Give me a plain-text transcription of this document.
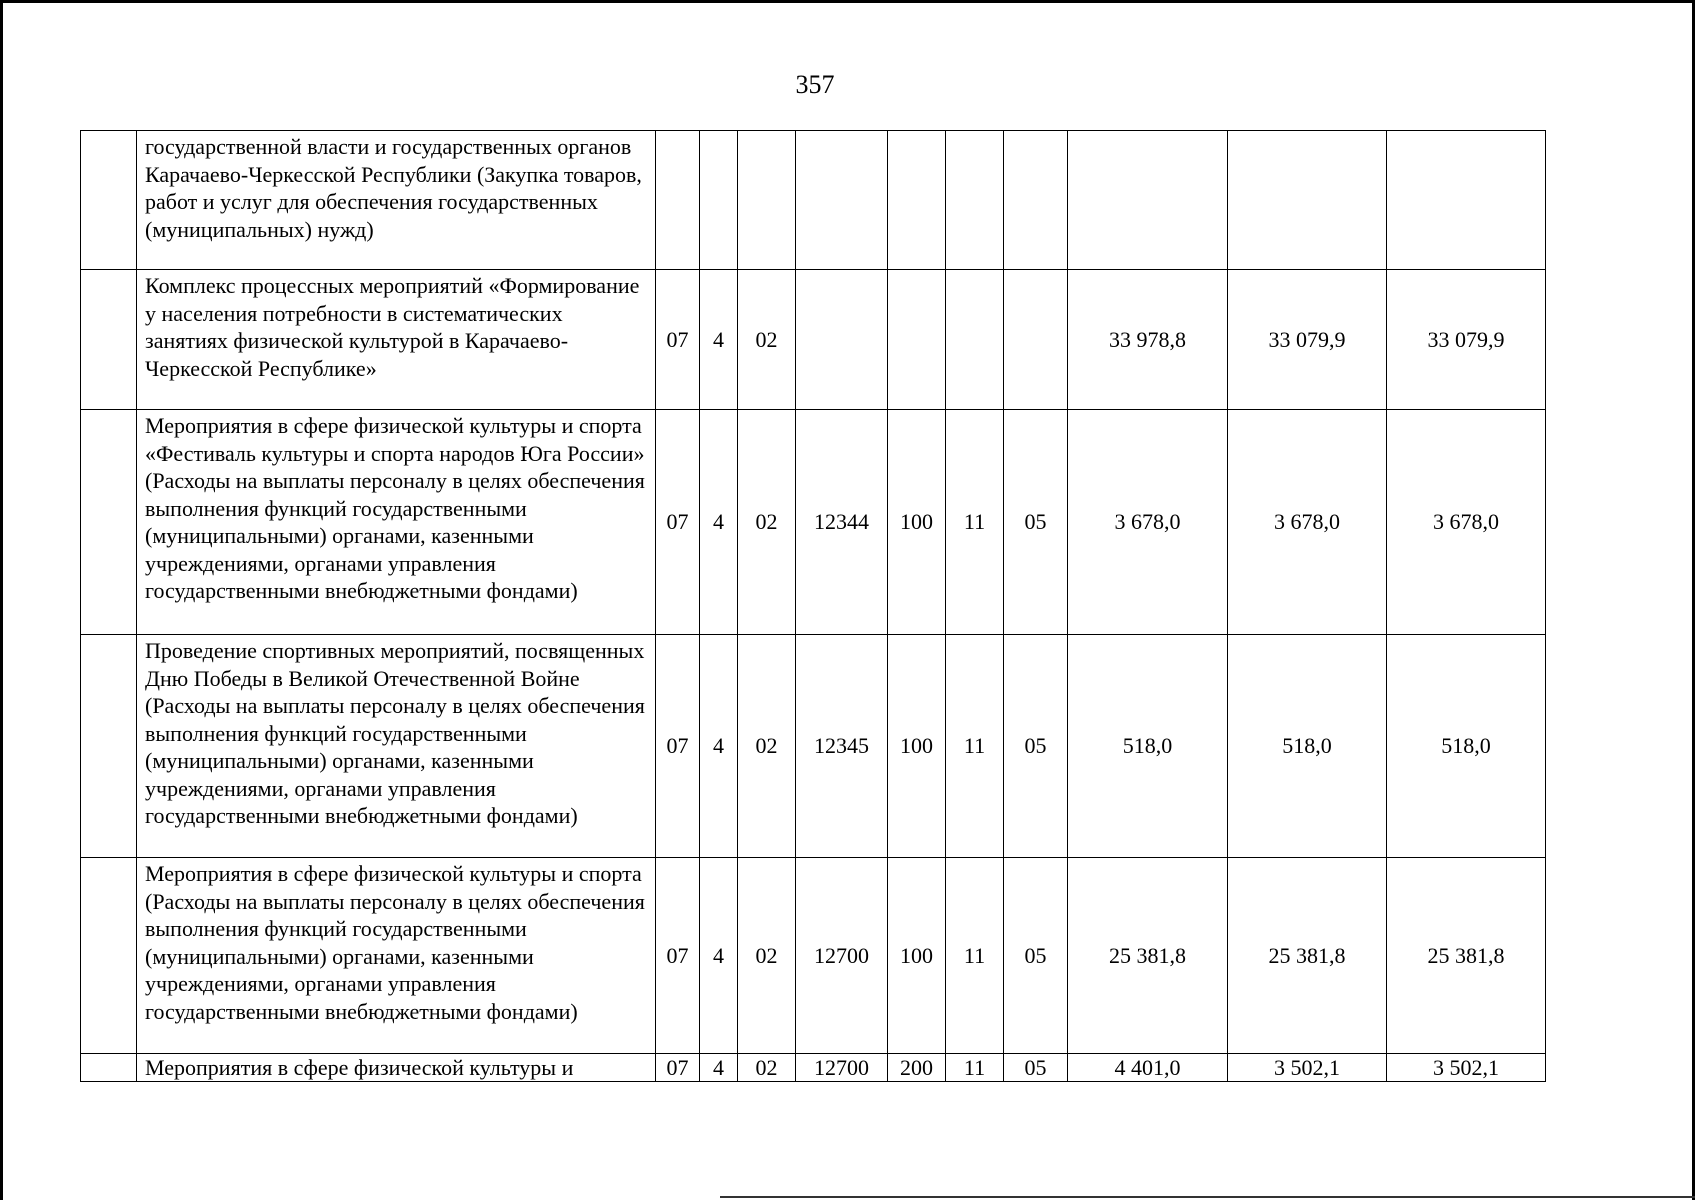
357
	государственной власти и государственных органов Карачаево-Черкесской Республики (Закупка товаров, работ и услуг для обеспечения государственных (муниципальных) нужд)										
	Комплекс процессных мероприятий «Формирование у населения потребности в систематических занятиях физической культурой в Карачаево-Черкесской Республике»	07	4	02					33 978,8	33 079,9	33 079,9
	Мероприятия в сфере физической культуры и спорта «Фестиваль культуры и спорта народов Юга России» (Расходы на выплаты персоналу в целях обеспечения выполнения функций государственными (муниципальными) органами, казенными учреждениями, органами управления государственными внебюджетными фондами)	07	4	02	12344	100	11	05	3 678,0	3 678,0	3 678,0
	Проведение спортивных мероприятий, посвященных Дню Победы в Великой Отечественной Войне (Расходы на выплаты персоналу в целях обеспечения выполнения функций государственными (муниципальными) органами, казенными учреждениями, органами управления государственными внебюджетными фондами)	07	4	02	12345	100	11	05	518,0	518,0	518,0
	Мероприятия в сфере физической культуры и спорта (Расходы на выплаты персоналу в целях обеспечения выполнения функций государственными (муниципальными) органами, казенными учреждениями, органами управления государственными внебюджетными фондами)	07	4	02	12700	100	11	05	25 381,8	25 381,8	25 381,8
	Мероприятия в сфере физической культуры и	07	4	02	12700	200	11	05	4 401,0	3 502,1	3 502,1
